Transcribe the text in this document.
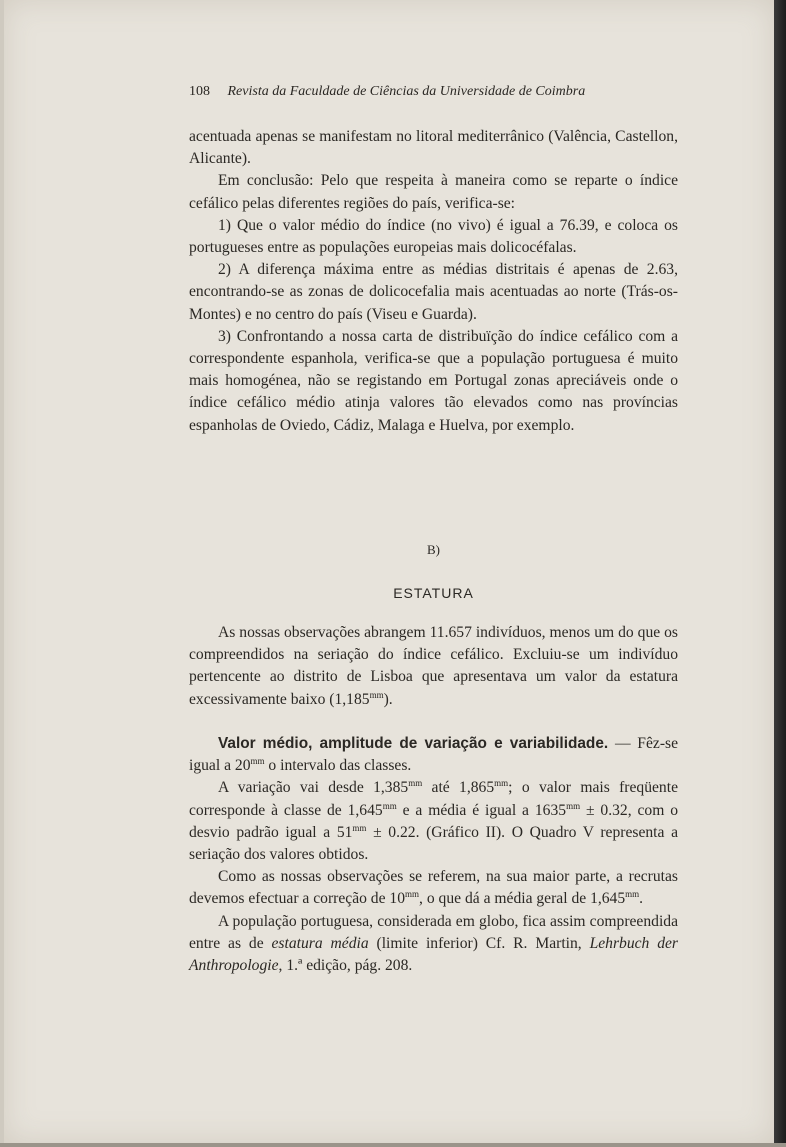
108 Revista da Faculdade de Ciências da Universidade de Coimbra

acentuada apenas se manifestam no litoral mediterrânico (Valência, Castellon, Alicante).

Em conclusão: Pelo que respeita à maneira como se reparte o índice cefálico pelas diferentes regiões do país, verifica-se:

1) Que o valor médio do índice (no vivo) é igual a 76.39, e coloca os portugueses entre as populações europeias mais dolicocéfalas.

2) A diferença máxima entre as médias distritais é apenas de 2.63, encontrando-se as zonas de dolicocefalia mais acentuadas ao norte (Trás-os-Montes) e no centro do país (Viseu e Guarda).

3) Confrontando a nossa carta de distribuïção do índice cefálico com a correspondente espanhola, verifica-se que a população portuguesa é muito mais homogénea, não se registando em Portugal zonas apreciáveis onde o índice cefálico médio atinja valores tão elevados como nas províncias espanholas de Oviedo, Cádiz, Malaga e Huelva, por exemplo.

B)
ESTATURA

As nossas observações abrangem 11.657 indivíduos, menos um do que os compreendidos na seriação do índice cefálico. Excluiu-se um indivíduo pertencente ao distrito de Lisboa que apresentava um valor da estatura excessivamente baixo $(1,185^{mm})$.

Valor médio, amplitude de variação e variabilidade. — Fêz-se igual a $20^{mm}$ o intervalo das classes.

A variação vai desde $1,385^{mm}$ até $1,865^{mm}$; o valor mais freqüente corresponde à classe de $1,645^{mm}$ e a média é igual a $1635^{mm} \pm 0.32$, com o desvio padrão igual a $51^{mm} \pm 0.22$. (Gráfico II). O Quadro V representa a seriação dos valores obtidos.

Como as nossas observações se referem, na sua maior parte, a recrutas devemos efectuar a correção de $10^{mm}$, o que dá a média geral de $1,645^{mm}$.

A população portuguesa, considerada em globo, fica assim compreendida entre as de estatura média (limite inferior) Cf. R. Martin, Lehrbuch der Anthropologie, 1.ª edição, pág. 208.
